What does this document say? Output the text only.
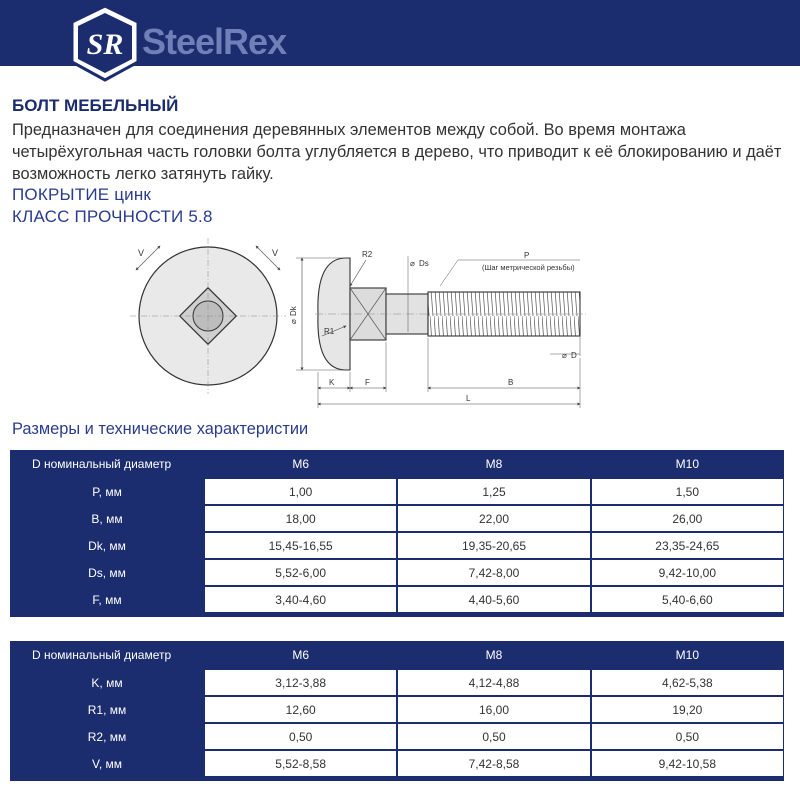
SR SteelRex
БОЛТ МЕБЕЛЬНЫЙ
Предназначен для соединения деревянных элементов между собой. Во время монтажа четырёхугольная часть головки болта углубляется в дерево, что приводит к её блокированию и даёт возможность легко затянуть гайку.
ПОКРЫТИЕ цинк
КЛАСС ПРОЧНОСТИ 5.8
V	V
⌀
Dk
R1
R2
⌀ Ds
P
(Шаг метрической резьбы)
⌀ D
K	F	B
L
Размеры и технические характеристии
D номинальный диаметр	M6	M8	M10
P, мм	1,00	1,25	1,50
B, мм	18,00	22,00	26,00
Dk, мм	15,45-16,55	19,35-20,65	23,35-24,65
Ds, мм	5,52-6,00	7,42-8,00	9,42-10,00
F, мм	3,40-4,60	4,40-5,60	5,40-6,60
D номинальный диаметр	M6	M8	M10
K, мм	3,12-3,88	4,12-4,88	4,62-5,38
R1, мм	12,60	16,00	19,20
R2, мм	0,50	0,50	0,50
V, мм	5,52-8,58	7,42-8,58	9,42-10,58
